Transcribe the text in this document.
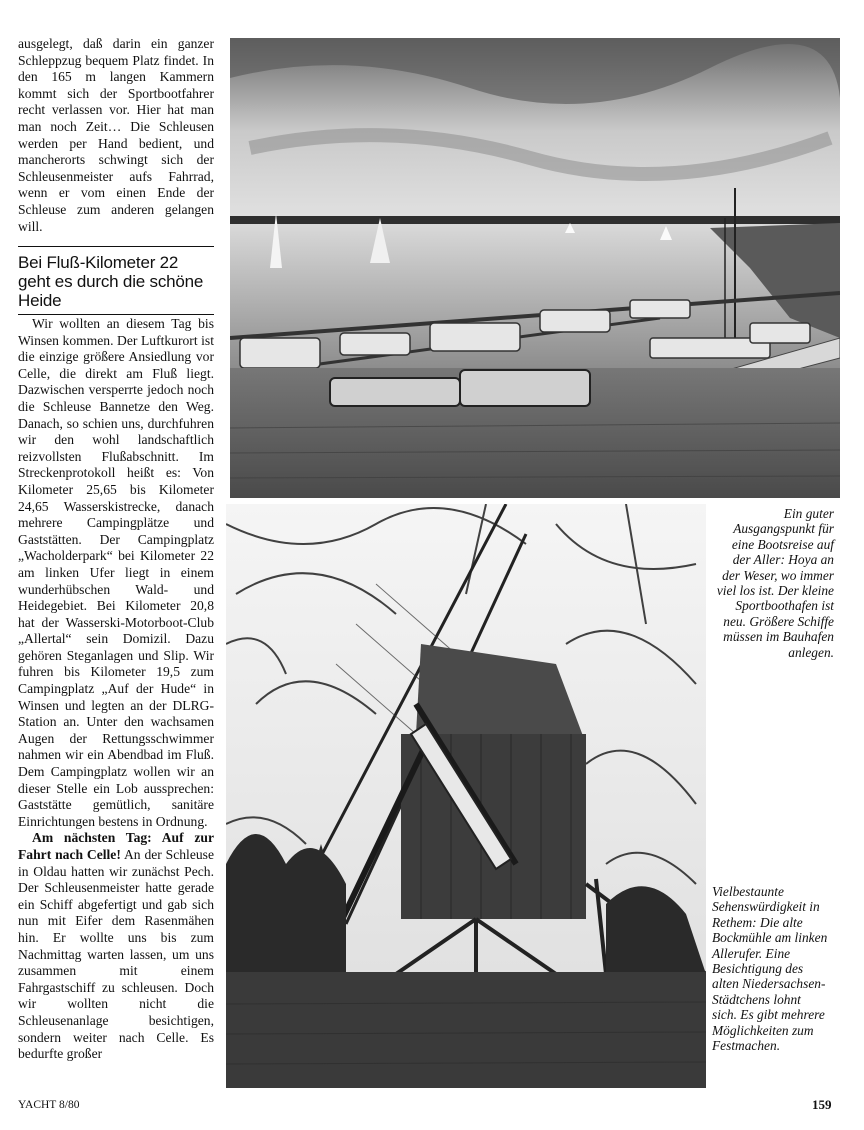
ausgelegt, daß darin ein ganzer Schleppzug bequem Platz findet. In den 165 m langen Kammern kommt sich der Sportbootfahrer recht verlassen vor. Hier hat man man noch Zeit… Die Schleusen werden per Hand bedient, und mancherorts schwingt sich der Schleusenmeister aufs Fahrrad, wenn er vom einen Ende der Schleuse zum anderen gelangen will.

Bei Fluß-Kilometer 22 geht es durch die schöne Heide

Wir wollten an diesem Tag bis Winsen kommen. Der Luftkurort ist die einzige größere Ansiedlung vor Celle, die direkt am Fluß liegt. Dazwischen versperrte jedoch noch die Schleuse Bannetze den Weg. Danach, so schien uns, durchfuhren wir den wohl landschaftlich reizvollsten Flußabschnitt. Im Streckenprotokoll heißt es: Von Kilometer 25,65 bis Kilometer 24,65 Wasserskistrecke, danach mehrere Campingplätze und Gaststätten. Der Campingplatz „Wacholderpark“ bei Kilometer 22 am linken Ufer liegt in einem wunderhübschen Wald- und Heidegebiet. Bei Kilometer 20,8 hat der Wasserski-Motorboot-Club „Allertal“ sein Domizil. Dazu gehören Steganlagen und Slip. Wir fuhren bis Kilometer 19,5 zum Campingplatz „Auf der Hude“ in Winsen und legten an der DLRG-Station an. Unter den wachsamen Augen der Rettungsschwimmer nahmen wir ein Abendbad im Fluß. Dem Campingplatz wollen wir an dieser Stelle ein Lob aussprechen: Gaststätte gemütlich, sanitäre Einrichtungen bestens in Ordnung.

Am nächsten Tag: Auf zur Fahrt nach Celle! An der Schleuse in Oldau hatten wir zunächst Pech. Der Schleusenmeister hatte gerade ein Schiff abgefertigt und gab sich nun mit Eifer dem Rasenmähen hin. Er wollte uns bis zum Nachmittag warten lassen, um uns zusammen mit einem Fahrgastschiff zu schleusen. Doch wir wollten nicht die Schleusenanlage besichtigen, sondern weiter nach Celle. Es bedurfte großer

Ein guter Ausgangspunkt für eine Bootsreise auf der Aller: Hoya an der Weser, wo immer viel los ist. Der kleine Sportboothafen ist neu. Größere Schiffe müssen im Bauhafen anlegen.
Vielbestaunte Sehenswürdigkeit in Rethem: Die alte Bockmühle am linken Allerufer. Eine Besichtigung des alten Niedersachsen-Städtchens lohnt sich. Es gibt mehrere Möglichkeiten zum Festmachen.
YACHT 8/80	159
